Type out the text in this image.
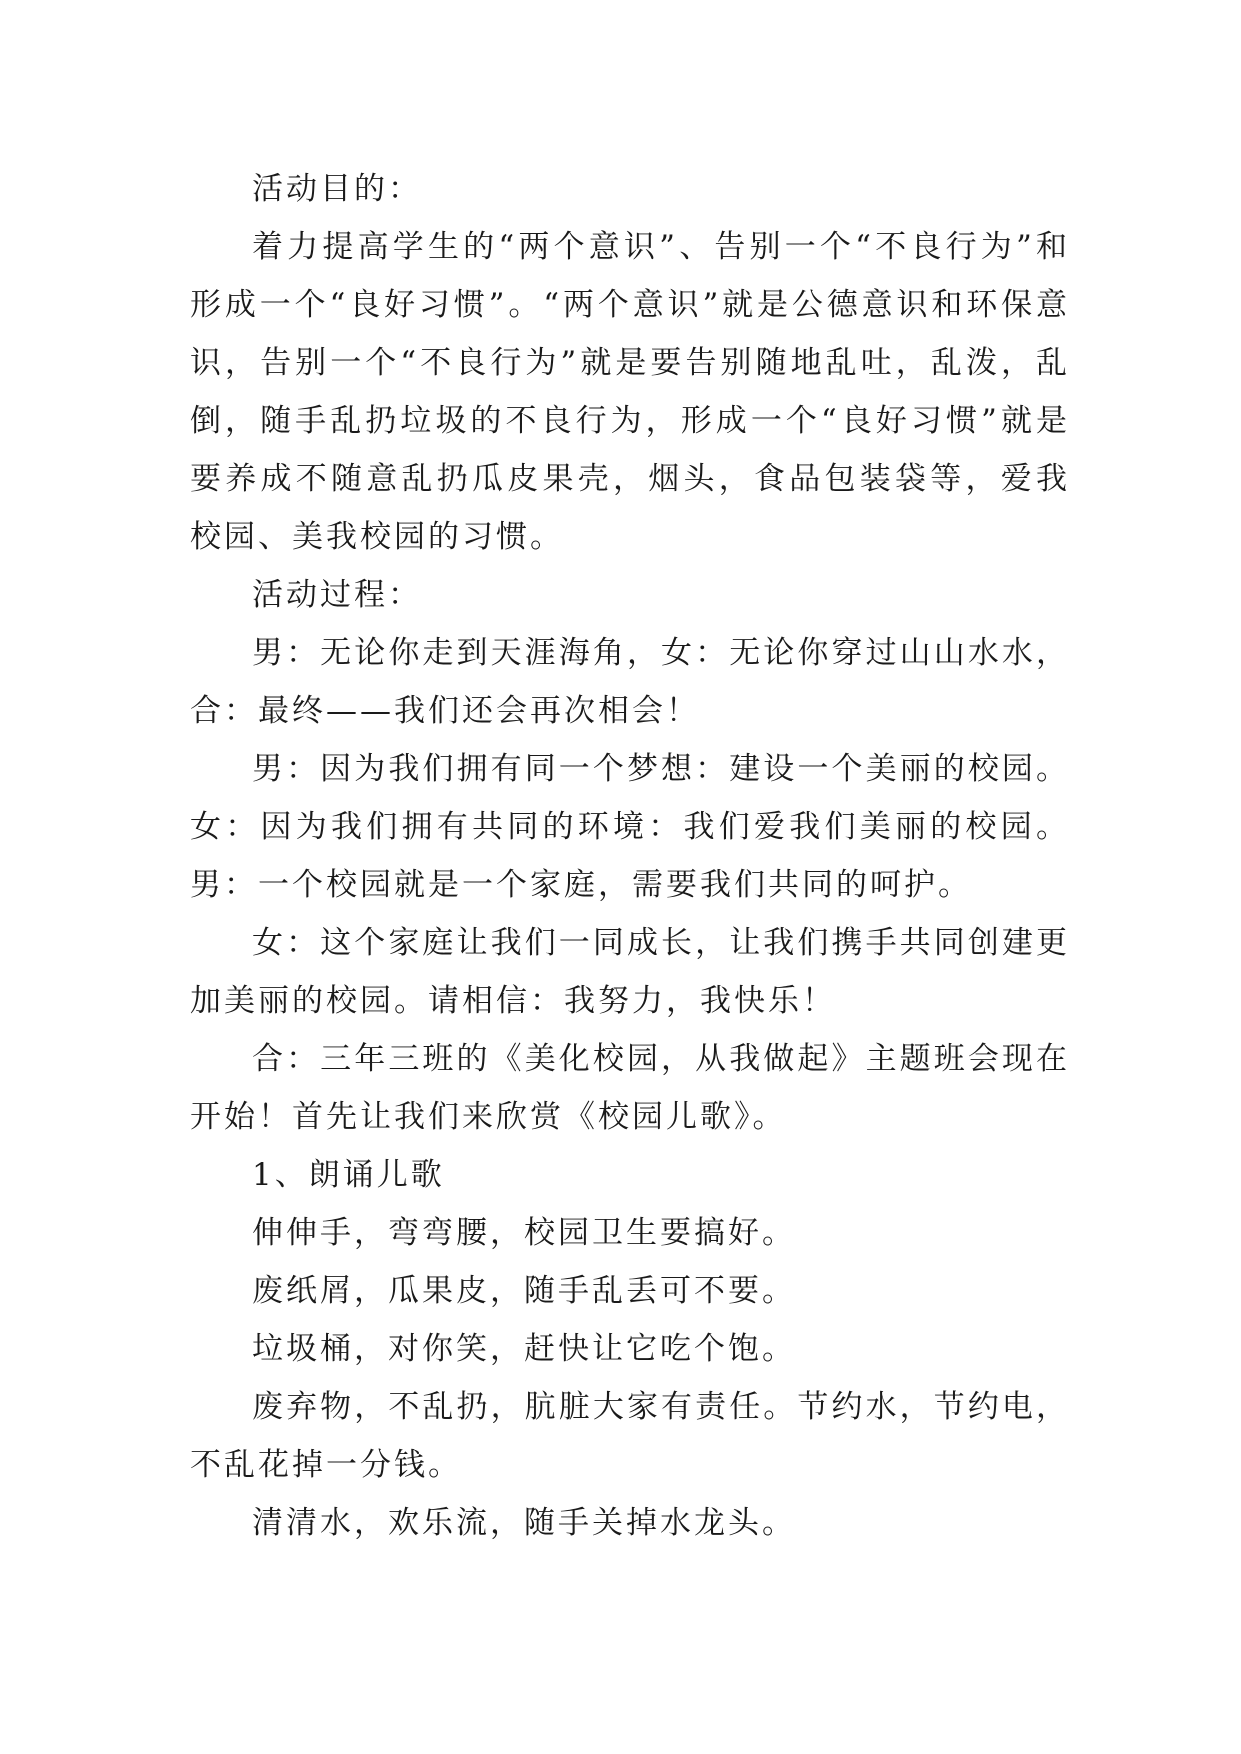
活动目的：

着力提高学生的“两个意识”、告别一个“不良行为”和形成一个“良好习惯”。“两个意识”就是公德意识和环保意识，告别一个“不良行为”就是要告别随地乱吐，乱泼，乱倒，随手乱扔垃圾的不良行为，形成一个“良好习惯”就是要养成不随意乱扔瓜皮果壳，烟头，食品包装袋等，爱我校园、美我校园的习惯。

活动过程：

男：无论你走到天涯海角，女：无论你穿过山山水水，合：最终——我们还会再次相会！

男：因为我们拥有同一个梦想：建设一个美丽的校园。女：因为我们拥有共同的环境：我们爱我们美丽的校园。男：一个校园就是一个家庭，需要我们共同的呵护。

女：这个家庭让我们一同成长，让我们携手共同创建更加美丽的校园。请相信：我努力，我快乐！

合：三年三班的《美化校园，从我做起》主题班会现在开始！首先让我们来欣赏《校园儿歌》。

1、朗诵儿歌

伸伸手，弯弯腰，校园卫生要搞好。

废纸屑，瓜果皮，随手乱丢可不要。

垃圾桶，对你笑，赶快让它吃个饱。

废弃物，不乱扔，肮脏大家有责任。节约水，节约电，不乱花掉一分钱。

清清水，欢乐流，随手关掉水龙头。
